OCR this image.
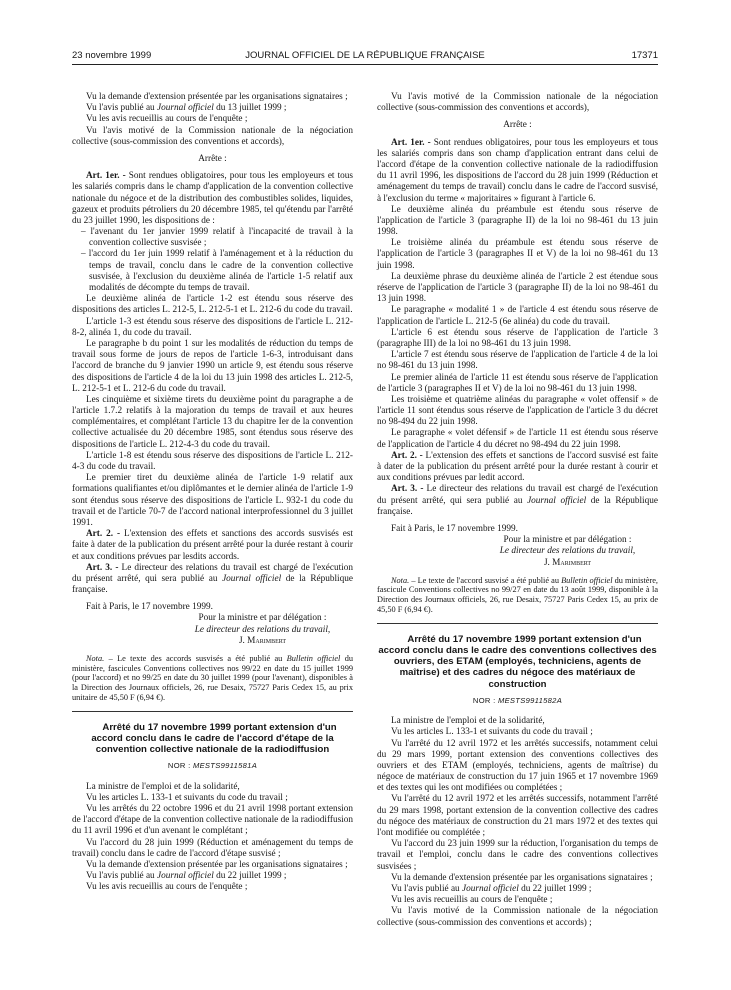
23 novembre 1999	JOURNAL OFFICIEL DE LA RÉPUBLIQUE FRANÇAISE	17371

Vu la demande d'extension présentée par les organisations signataires ;

Vu l'avis publié au Journal officiel du 13 juillet 1999 ;

Vu les avis recueillis au cours de l'enquête ;

Vu l'avis motivé de la Commission nationale de la négociation collective (sous-commission des conventions et accords),

Arrête :

Art. 1er. - Sont rendues obligatoires, pour tous les employeurs et tous les salariés compris dans le champ d'application de la convention collective nationale du négoce et de la distribution des combustibles solides, liquides, gazeux et produits pétroliers du 20 décembre 1985, tel qu'étendu par l'arrêté du 23 juillet 1990, les dispositions de :

– l'avenant du 1er janvier 1999 relatif à l'incapacité de travail à la convention collective susvisée ;

– l'accord du 1er juin 1999 relatif à l'aménagement et à la réduction du temps de travail, conclu dans le cadre de la convention collective susvisée, à l'exclusion du deuxième alinéa de l'article 1-5 relatif aux modalités de décompte du temps de travail.

Le deuxième alinéa de l'article 1-2 est étendu sous réserve des dispositions des articles L. 212-5, L. 212-5-1 et L. 212-6 du code du travail.

L'article 1-3 est étendu sous réserve des dispositions de l'article L. 212-8-2, alinéa 1, du code du travail.

Le paragraphe b du point 1 sur les modalités de réduction du temps de travail sous forme de jours de repos de l'article 1-6-3, introduisant dans l'accord de branche du 9 janvier 1990 un article 9, est étendu sous réserve des dispositions de l'article 4 de la loi du 13 juin 1998 des articles L. 212-5, L. 212-5-1 et L. 212-6 du code du travail.

Les cinquième et sixième tirets du deuxième point du paragraphe a de l'article 1.7.2 relatifs à la majoration du temps de travail et aux heures complémentaires, et complétant l'article 13 du chapitre Ier de la convention collective actualisée du 20 décembre 1985, sont étendus sous réserve des dispositions de l'article L. 212-4-3 du code du travail.

L'article 1-8 est étendu sous réserve des dispositions de l'article L. 212-4-3 du code du travail.

Le premier tiret du deuxième alinéa de l'article 1-9 relatif aux formations qualifiantes et/ou diplômantes et le dernier alinéa de l'article 1-9 sont étendus sous réserve des dispositions de l'article L. 932-1 du code du travail et de l'article 70-7 de l'accord national interprofessionnel du 3 juillet 1991.

Art. 2. - L'extension des effets et sanctions des accords susvisés est faite à dater de la publication du présent arrêté pour la durée restant à courir et aux conditions prévues par lesdits accords.

Art. 3. - Le directeur des relations du travail est chargé de l'exécution du présent arrêté, qui sera publié au Journal officiel de la République française.

Fait à Paris, le 17 novembre 1999.

Pour la ministre et par délégation :

Le directeur des relations du travail,

J. Marimbert

Nota. – Le texte des accords susvisés a été publié au Bulletin officiel du ministère, fascicules Conventions collectives nos 99/22 en date du 15 juillet 1999 (pour l'accord) et no 99/25 en date du 30 juillet 1999 (pour l'avenant), disponibles à la Direction des Journaux officiels, 26, rue Desaix, 75727 Paris Cedex 15, au prix unitaire de 45,50 F (6,94 €).

Arrêté du 17 novembre 1999 portant extension d'un accord conclu dans le cadre de l'accord d'étape de la convention collective nationale de la radiodiffusion

NOR : MESTS9911581A

La ministre de l'emploi et de la solidarité,

Vu les articles L. 133-1 et suivants du code du travail ;

Vu les arrêtés du 22 octobre 1996 et du 21 avril 1998 portant extension de l'accord d'étape de la convention collective nationale de la radiodiffusion du 11 avril 1996 et d'un avenant le complétant ;

Vu l'accord du 28 juin 1999 (Réduction et aménagement du temps de travail) conclu dans le cadre de l'accord d'étape susvisé ;

Vu la demande d'extension présentée par les organisations signataires ;

Vu l'avis publié au Journal officiel du 22 juillet 1999 ;

Vu les avis recueillis au cours de l'enquête ;

Vu l'avis motivé de la Commission nationale de la négociation collective (sous-commission des conventions et accords),

Arrête :

Art. 1er. - Sont rendues obligatoires, pour tous les employeurs et tous les salariés compris dans son champ d'application entrant dans celui de l'accord d'étape de la convention collective nationale de la radiodiffusion du 11 avril 1996, les dispositions de l'accord du 28 juin 1999 (Réduction et aménagement du temps de travail) conclu dans le cadre de l'accord susvisé, à l'exclusion du terme « majoritaires » figurant à l'article 6.

Le deuxième alinéa du préambule est étendu sous réserve de l'application de l'article 3 (paragraphe II) de la loi no 98-461 du 13 juin 1998.

Le troisième alinéa du préambule est étendu sous réserve de l'application de l'article 3 (paragraphes II et V) de la loi no 98-461 du 13 juin 1998.

La deuxième phrase du deuxième alinéa de l'article 2 est étendue sous réserve de l'application de l'article 3 (paragraphe II) de la loi no 98-461 du 13 juin 1998.

Le paragraphe « modalité 1 » de l'article 4 est étendu sous réserve de l'application de l'article L. 212-5 (6e alinéa) du code du travail.

L'article 6 est étendu sous réserve de l'application de l'article 3 (paragraphe III) de la loi no 98-461 du 13 juin 1998.

L'article 7 est étendu sous réserve de l'application de l'article 4 de la loi no 98-461 du 13 juin 1998.

Le premier alinéa de l'article 11 est étendu sous réserve de l'application de l'article 3 (paragraphes II et V) de la loi no 98-461 du 13 juin 1998.

Les troisième et quatrième alinéas du paragraphe « volet offensif » de l'article 11 sont étendus sous réserve de l'application de l'article 3 du décret no 98-494 du 22 juin 1998.

Le paragraphe « volet défensif » de l'article 11 est étendu sous réserve de l'application de l'article 4 du décret no 98-494 du 22 juin 1998.

Art. 2. - L'extension des effets et sanctions de l'accord susvisé est faite à dater de la publication du présent arrêté pour la durée restant à courir et aux conditions prévues par ledit accord.

Art. 3. - Le directeur des relations du travail est chargé de l'exécution du présent arrêté, qui sera publié au Journal officiel de la République française.

Fait à Paris, le 17 novembre 1999.

Pour la ministre et par délégation :

Le directeur des relations du travail,

J. Marimbert

Nota. – Le texte de l'accord susvisé a été publié au Bulletin officiel du ministère, fascicule Conventions collectives no 99/27 en date du 13 août 1999, disponible à la Direction des Journaux officiels, 26, rue Desaix, 75727 Paris Cedex 15, au prix de 45,50 F (6,94 €).

Arrêté du 17 novembre 1999 portant extension d'un accord conclu dans le cadre des conventions collectives des ouvriers, des ETAM (employés, techniciens, agents de maîtrise) et des cadres du négoce des matériaux de construction

NOR : MESTS9911582A

La ministre de l'emploi et de la solidarité,

Vu les articles L. 133-1 et suivants du code du travail ;

Vu l'arrêté du 12 avril 1972 et les arrêtés successifs, notamment celui du 29 mars 1999, portant extension des conventions collectives des ouvriers et des ETAM (employés, techniciens, agents de maîtrise) du négoce de matériaux de construction du 17 juin 1965 et 17 novembre 1969 et des textes qui les ont modifiées ou complétées ;

Vu l'arrêté du 12 avril 1972 et les arrêtés successifs, notamment l'arrêté du 29 mars 1998, portant extension de la convention collective des cadres du négoce des matériaux de construction du 21 mars 1972 et des textes qui l'ont modifiée ou complétée ;

Vu l'accord du 23 juin 1999 sur la réduction, l'organisation du temps de travail et l'emploi, conclu dans le cadre des conventions collectives susvisées ;

Vu la demande d'extension présentée par les organisations signataires ;

Vu l'avis publié au Journal officiel du 22 juillet 1999 ;

Vu les avis recueillis au cours de l'enquête ;

Vu l'avis motivé de la Commission nationale de la négociation collective (sous-commission des conventions et accords) ;
